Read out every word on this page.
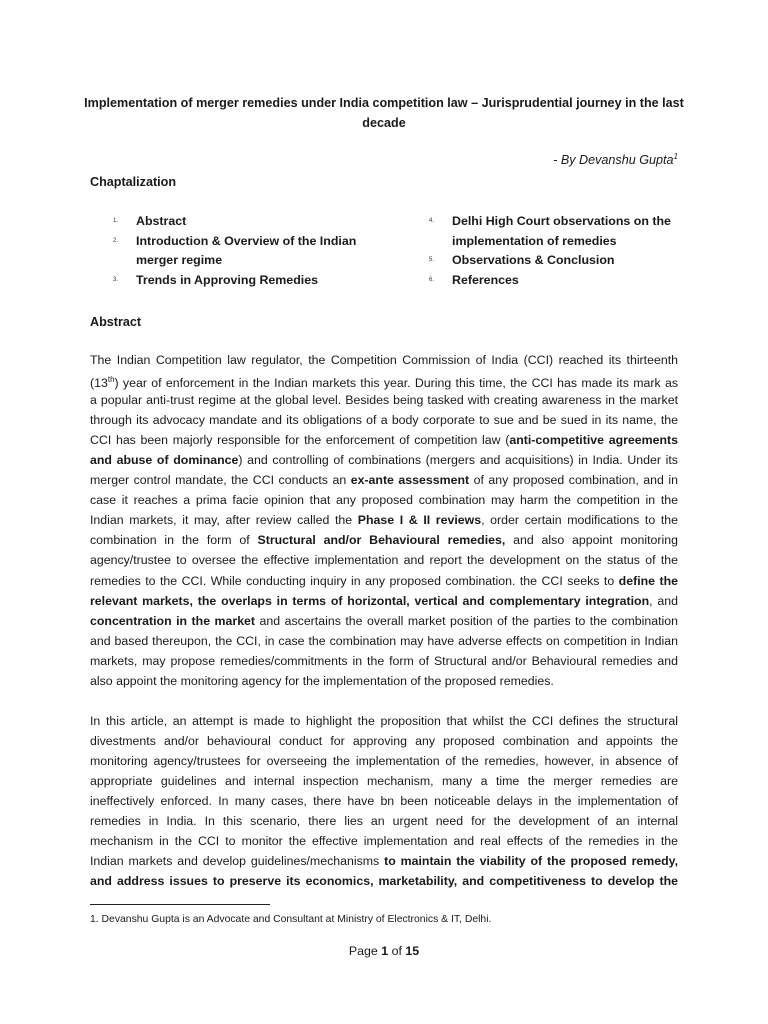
Implementation of merger remedies under India competition law – Jurisprudential journey in the last
decade
- By Devanshu Gupta$^1$
Chaptalization
1. Abstract
2. Introduction & Overview of the Indian
merger regime
3. Trends in Approving Remedies
4. Delhi High Court observations on the
implementation of remedies
5. Observations & Conclusion
6. References
Abstract
The Indian Competition law regulator, the Competition Commission of India (CCI) reached its thirteenth
(13th) year of enforcement in the Indian markets this year. During this time, the CCI has made its mark as
a popular anti-trust regime at the global level. Besides being tasked with creating awareness in the market
through its advocacy mandate and its obligations of a body corporate to sue and be sued in its name, the
CCI has been majorly responsible for the enforcement of competition law (anti-competitive agreements
and abuse of dominance) and controlling of combinations (mergers and acquisitions) in India. Under its
merger control mandate, the CCI conducts an ex-ante assessment of any proposed combination, and in
case it reaches a prima facie opinion that any proposed combination may harm the competition in the
Indian markets, it may, after review called the Phase I & II reviews, order certain modifications to the
combination in the form of Structural and/or Behavioural remedies, and also appoint monitoring
agency/trustee to oversee the effective implementation and report the development on the status of the
remedies to the CCI. While conducting inquiry in any proposed combination. the CCI seeks to define the
relevant markets, the overlaps in terms of horizontal, vertical and complementary integration, and
concentration in the market and ascertains the overall market position of the parties to the combination
and based thereupon, the CCI, in case the combination may have adverse effects on competition in Indian
markets, may propose remedies/commitments in the form of Structural and/or Behavioural remedies and
also appoint the monitoring agency for the implementation of the proposed remedies.
In this article, an attempt is made to highlight the proposition that whilst the CCI defines the structural
divestments and/or behavioural conduct for approving any proposed combination and appoints the
monitoring agency/trustees for overseeing the implementation of the remedies, however, in absence of
appropriate guidelines and internal inspection mechanism, many a time the merger remedies are
ineffectively enforced. In many cases, there have bn been noticeable delays in the implementation of
remedies in India. In this scenario, there lies an urgent need for the development of an internal
mechanism in the CCI to monitor the effective implementation and real effects of the remedies in the
Indian markets and develop guidelines/mechanisms to maintain the viability of the proposed remedy,
and address issues to preserve its economics, marketability, and competitiveness to develop the
1. Devanshu Gupta is an Advocate and Consultant at Ministry of Electronics & IT, Delhi.
Page 1 of 15
